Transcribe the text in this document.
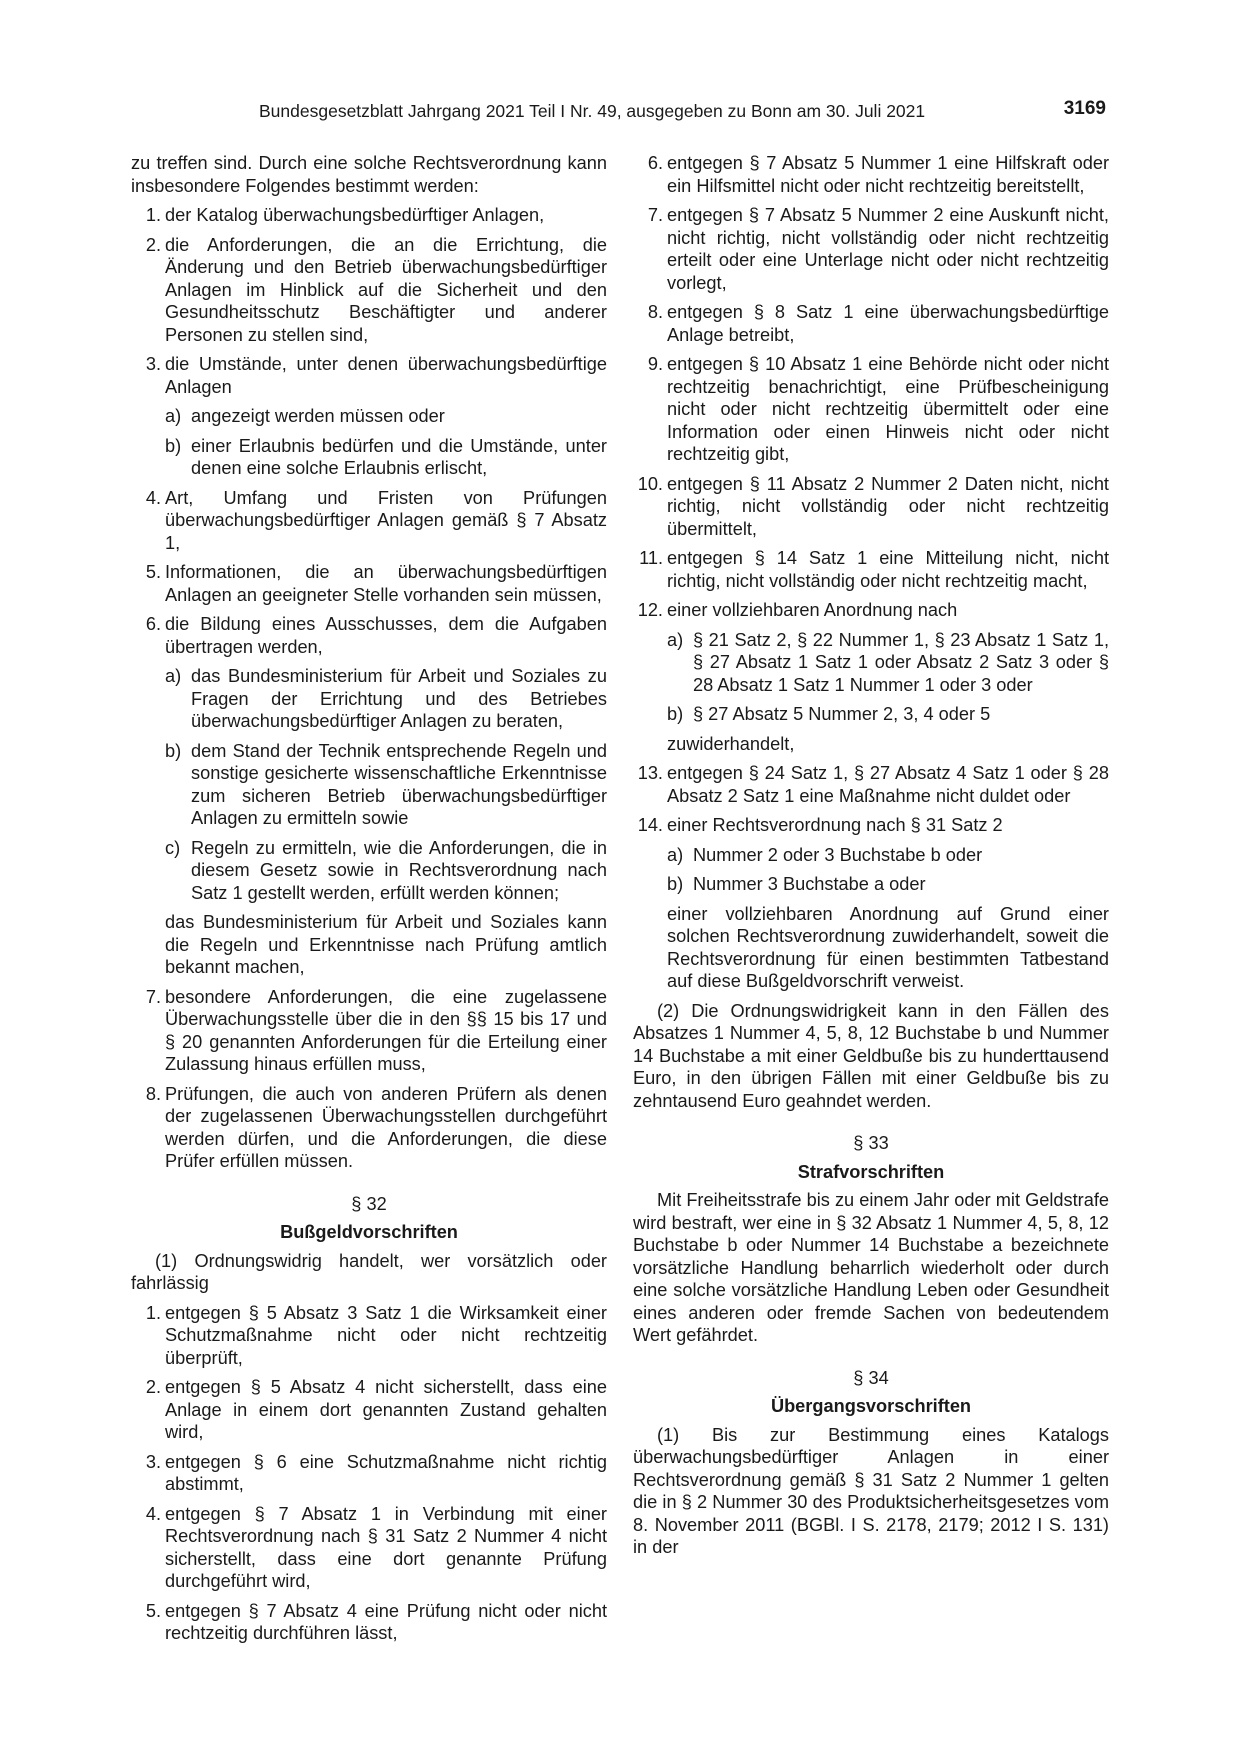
Bundesgesetzblatt Jahrgang 2021 Teil I Nr. 49, ausgegeben zu Bonn am 30. Juli 2021	3169

zu treffen sind. Durch eine solche Rechtsverordnung kann insbesondere Folgendes bestimmt werden:

1. der Katalog überwachungsbedürftiger Anlagen,
2. die Anforderungen, die an die Errichtung, die Änderung und den Betrieb überwachungsbedürftiger Anlagen im Hinblick auf die Sicherheit und den Gesundheitsschutz Beschäftigter und anderer Personen zu stellen sind,
3. die Umstände, unter denen überwachungsbedürftige Anlagen
a) angezeigt werden müssen oder
b) einer Erlaubnis bedürfen und die Umstände, unter denen eine solche Erlaubnis erlischt,
4. Art, Umfang und Fristen von Prüfungen überwachungsbedürftiger Anlagen gemäß § 7 Absatz 1,
5. Informationen, die an überwachungsbedürftigen Anlagen an geeigneter Stelle vorhanden sein müssen,
6. die Bildung eines Ausschusses, dem die Aufgaben übertragen werden,
a) das Bundesministerium für Arbeit und Soziales zu Fragen der Errichtung und des Betriebes überwachungsbedürftiger Anlagen zu beraten,
b) dem Stand der Technik entsprechende Regeln und sonstige gesicherte wissenschaftliche Erkenntnisse zum sicheren Betrieb überwachungsbedürftiger Anlagen zu ermitteln sowie
c) Regeln zu ermitteln, wie die Anforderungen, die in diesem Gesetz sowie in Rechtsverordnung nach Satz 1 gestellt werden, erfüllt werden können;

das Bundesministerium für Arbeit und Soziales kann die Regeln und Erkenntnisse nach Prüfung amtlich bekannt machen,

7. besondere Anforderungen, die eine zugelassene Überwachungsstelle über die in den §§ 15 bis 17 und § 20 genannten Anforderungen für die Erteilung einer Zulassung hinaus erfüllen muss,
8. Prüfungen, die auch von anderen Prüfern als denen der zugelassenen Überwachungsstellen durchgeführt werden dürfen, und die Anforderungen, die diese Prüfer erfüllen müssen.

§ 32

Bußgeldvorschriften

(1) Ordnungswidrig handelt, wer vorsätzlich oder fahrlässig

1. entgegen § 5 Absatz 3 Satz 1 die Wirksamkeit einer Schutzmaßnahme nicht oder nicht rechtzeitig überprüft,
2. entgegen § 5 Absatz 4 nicht sicherstellt, dass eine Anlage in einem dort genannten Zustand gehalten wird,
3. entgegen § 6 eine Schutzmaßnahme nicht richtig abstimmt,
4. entgegen § 7 Absatz 1 in Verbindung mit einer Rechtsverordnung nach § 31 Satz 2 Nummer 4 nicht sicherstellt, dass eine dort genannte Prüfung durchgeführt wird,
5. entgegen § 7 Absatz 4 eine Prüfung nicht oder nicht rechtzeitig durchführen lässt,
6. entgegen § 7 Absatz 5 Nummer 1 eine Hilfskraft oder ein Hilfsmittel nicht oder nicht rechtzeitig bereitstellt,
7. entgegen § 7 Absatz 5 Nummer 2 eine Auskunft nicht, nicht richtig, nicht vollständig oder nicht rechtzeitig erteilt oder eine Unterlage nicht oder nicht rechtzeitig vorlegt,
8. entgegen § 8 Satz 1 eine überwachungsbedürftige Anlage betreibt,
9. entgegen § 10 Absatz 1 eine Behörde nicht oder nicht rechtzeitig benachrichtigt, eine Prüfbescheinigung nicht oder nicht rechtzeitig übermittelt oder eine Information oder einen Hinweis nicht oder nicht rechtzeitig gibt,
10. entgegen § 11 Absatz 2 Nummer 2 Daten nicht, nicht richtig, nicht vollständig oder nicht rechtzeitig übermittelt,
11. entgegen § 14 Satz 1 eine Mitteilung nicht, nicht richtig, nicht vollständig oder nicht rechtzeitig macht,
12. einer vollziehbaren Anordnung nach
a) § 21 Satz 2, § 22 Nummer 1, § 23 Absatz 1 Satz 1, § 27 Absatz 1 Satz 1 oder Absatz 2 Satz 3 oder § 28 Absatz 1 Satz 1 Nummer 1 oder 3 oder
b) § 27 Absatz 5 Nummer 2, 3, 4 oder 5

zuwiderhandelt,

13. entgegen § 24 Satz 1, § 27 Absatz 4 Satz 1 oder § 28 Absatz 2 Satz 1 eine Maßnahme nicht duldet oder
14. einer Rechtsverordnung nach § 31 Satz 2
a) Nummer 2 oder 3 Buchstabe b oder
b) Nummer 3 Buchstabe a oder

einer vollziehbaren Anordnung auf Grund einer solchen Rechtsverordnung zuwiderhandelt, soweit die Rechtsverordnung für einen bestimmten Tatbestand auf diese Bußgeldvorschrift verweist.

(2) Die Ordnungswidrigkeit kann in den Fällen des Absatzes 1 Nummer 4, 5, 8, 12 Buchstabe b und Nummer 14 Buchstabe a mit einer Geldbuße bis zu hunderttausend Euro, in den übrigen Fällen mit einer Geldbuße bis zu zehntausend Euro geahndet werden.

§ 33

Strafvorschriften

Mit Freiheitsstrafe bis zu einem Jahr oder mit Geldstrafe wird bestraft, wer eine in § 32 Absatz 1 Nummer 4, 5, 8, 12 Buchstabe b oder Nummer 14 Buchstabe a bezeichnete vorsätzliche Handlung beharrlich wiederholt oder durch eine solche vorsätzliche Handlung Leben oder Gesundheit eines anderen oder fremde Sachen von bedeutendem Wert gefährdet.

§ 34

Übergangsvorschriften

(1) Bis zur Bestimmung eines Katalogs überwachungsbedürftiger Anlagen in einer Rechtsverordnung gemäß § 31 Satz 2 Nummer 1 gelten die in § 2 Nummer 30 des Produktsicherheitsgesetzes vom 8. November 2011 (BGBl. I S. 2178, 2179; 2012 I S. 131) in der
